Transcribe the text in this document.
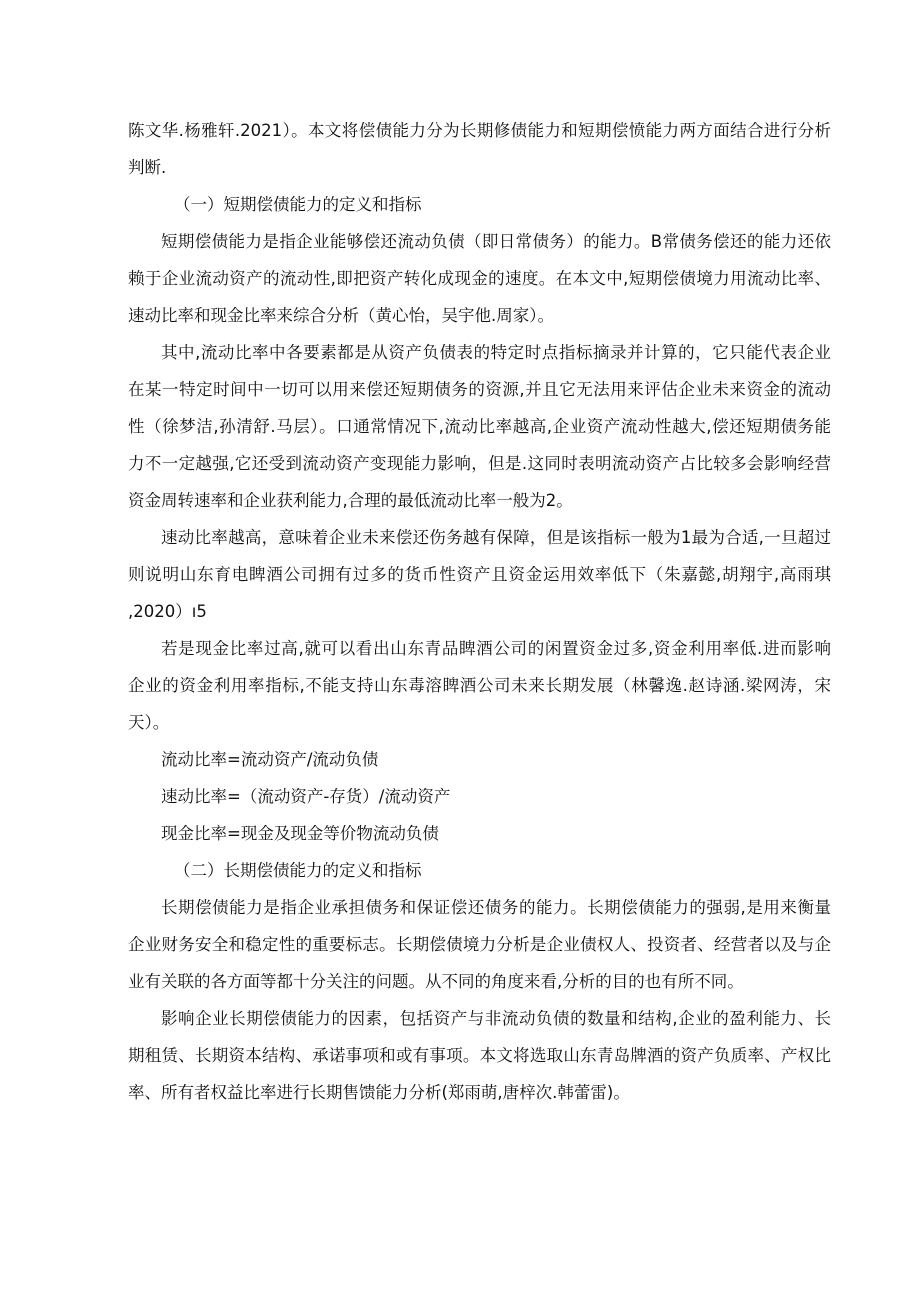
陈文华.杨雅轩.2021）。本文将偿债能力分为长期修债能力和短期偿愤能力两方面结合进行分析
判断.
（一）短期偿债能力的定义和指标
短期偿债能力是指企业能够偿还流动负债（即日常债务）的能力。B常债务偿还的能力还依
赖于企业流动资产的流动性,即把资产转化成现金的速度。在本文中,短期偿债境力用流动比率、
速动比率和现金比率来综合分析（黄心怡，吴宇他.周家）。
其中,流动比率中各要素都是从资产负债表的特定时点指标摘录并计算的，它只能代表企业
在某一特定时间中一切可以用来偿还短期债务的资源,并且它无法用来评估企业未来资金的流动
性（徐梦洁,孙清舒.马层）。口通常情况下,流动比率越高,企业资产流动性越大,偿还短期债务能
力不一定越强,它还受到流动资产变现能力影响，但是.这同时表明流动资产占比较多会影响经营
资金周转速率和企业获利能力,合理的最低流动比率一般为2。
速动比率越高，意味着企业未来偿还伤务越有保障，但是该指标一般为1最为合适,一旦超过
则说明山东育电睥酒公司拥有过多的货币性资产且资金运用效率低下（朱嘉懿,胡翔宇,高雨琪
,2020）ı5
若是现金比率过高,就可以看出山东青品睥酒公司的闲置资金过多,资金利用率低.进而影响
企业的资金利用率指标,不能支持山东毒溶睥酒公司未来长期发展（林馨逸.赵诗涵.梁网涛，宋
天）。
流动比率=流动资产/流动负债
速动比率=（流动资产-存货）/流动资产
现金比率=现金及现金等价物流动负债
（二）长期偿债能力的定义和指标
长期偿债能力是指企业承担债务和保证偿还债务的能力。长期偿债能力的强弱,是用来衡量
企业财务安全和稳定性的重要标志。长期偿债境力分析是企业债权人、投资者、经营者以及与企
业有关联的各方面等都十分关注的问题。从不同的角度来看,分析的目的也有所不同。
影响企业长期偿债能力的因素，包括资产与非流动负债的数量和结构,企业的盈利能力、长
期租赁、长期资本结构、承诺事项和或有事项。本文将选取山东青岛牌酒的资产负质率、产权比
率、所有者权益比率进行长期售馈能力分析(郑雨萌,唐梓次.韩蕾雷)。
